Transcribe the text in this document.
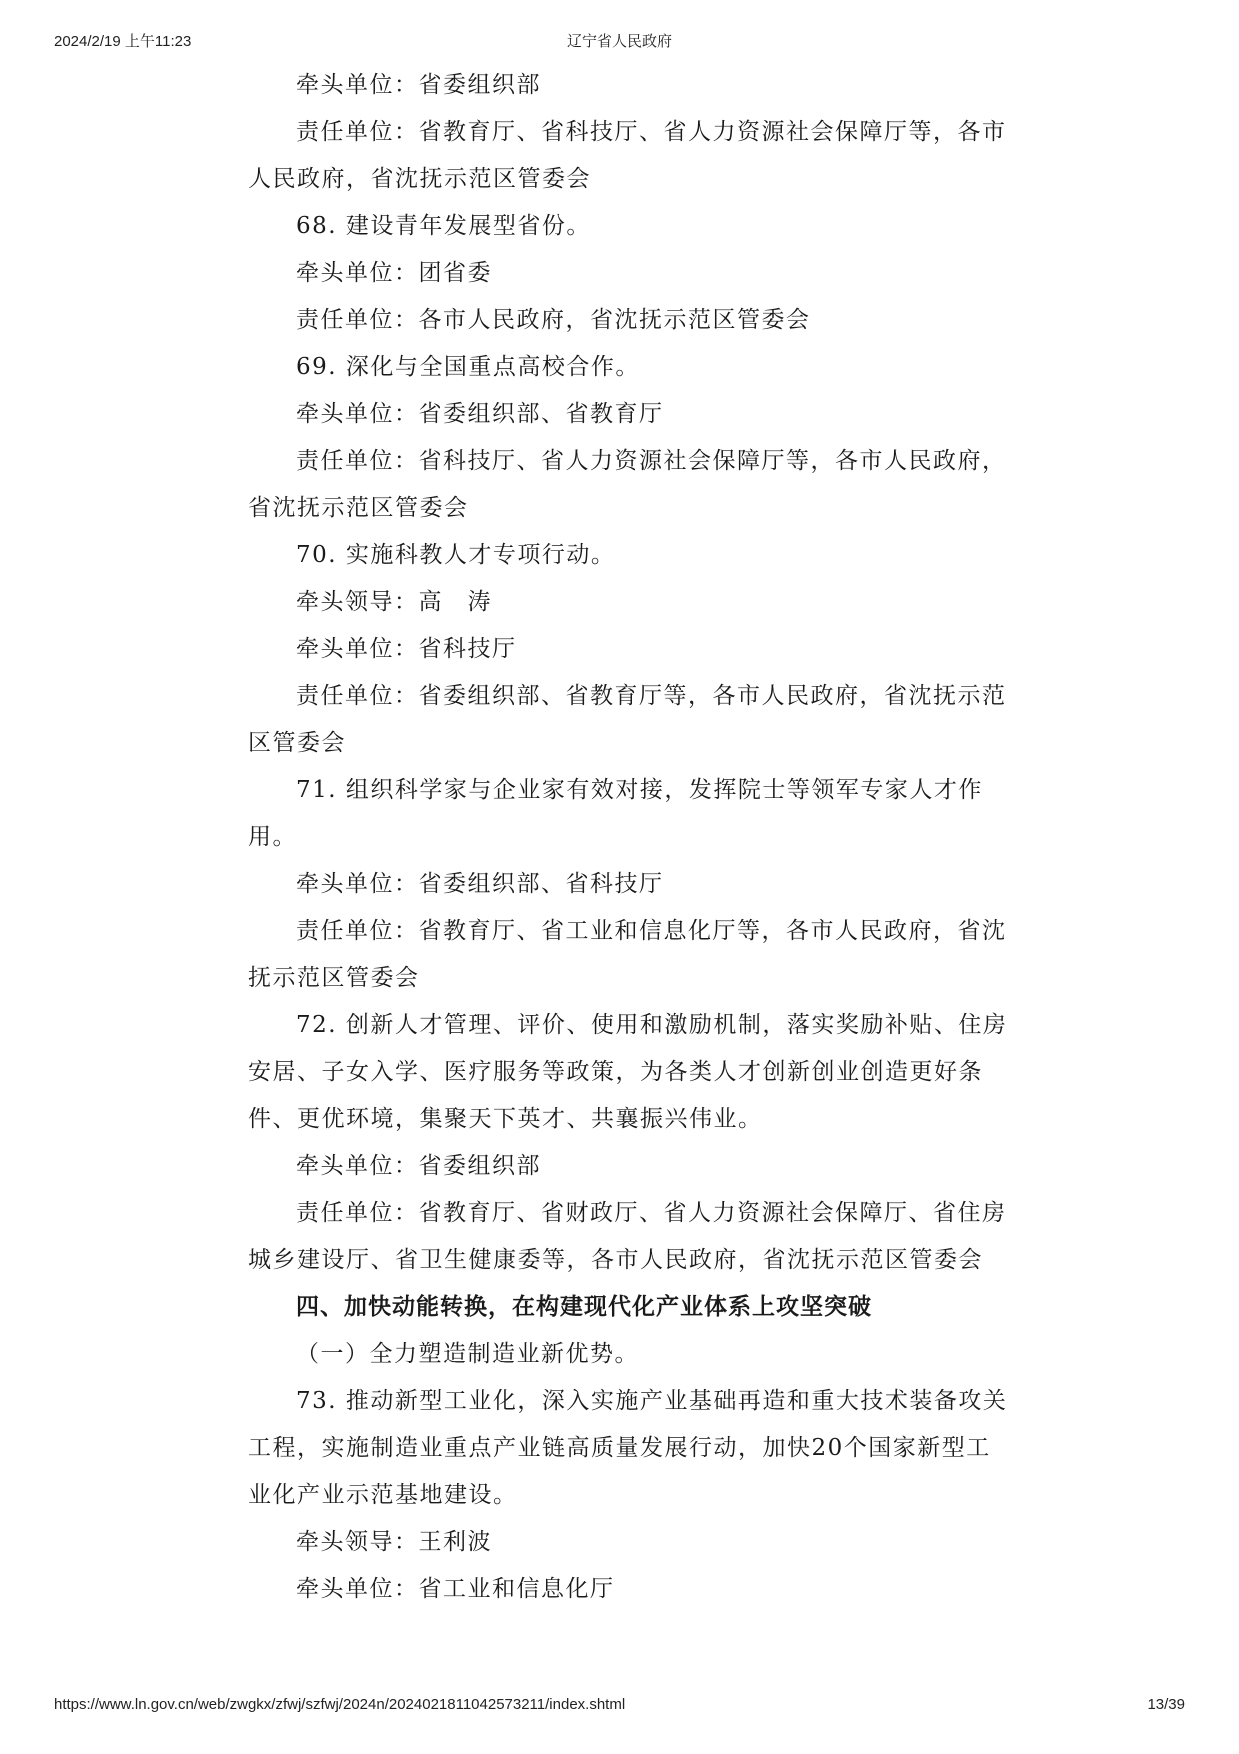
2024/2/19 上午11:23	辽宁省人民政府

牵头单位：省委组织部

责任单位：省教育厅、省科技厅、省人力资源社会保障厅等，各市人民政府，省沈抚示范区管委会

68. 建设青年发展型省份。

牵头单位：团省委

责任单位：各市人民政府，省沈抚示范区管委会

69. 深化与全国重点高校合作。

牵头单位：省委组织部、省教育厅

责任单位：省科技厅、省人力资源社会保障厅等，各市人民政府，省沈抚示范区管委会

70. 实施科教人才专项行动。

牵头领导：高　涛

牵头单位：省科技厅

责任单位：省委组织部、省教育厅等，各市人民政府，省沈抚示范区管委会

71. 组织科学家与企业家有效对接，发挥院士等领军专家人才作用。

牵头单位：省委组织部、省科技厅

责任单位：省教育厅、省工业和信息化厅等，各市人民政府，省沈抚示范区管委会

72. 创新人才管理、评价、使用和激励机制，落实奖励补贴、住房安居、子女入学、医疗服务等政策，为各类人才创新创业创造更好条件、更优环境，集聚天下英才、共襄振兴伟业。

牵头单位：省委组织部

责任单位：省教育厅、省财政厅、省人力资源社会保障厅、省住房城乡建设厅、省卫生健康委等，各市人民政府，省沈抚示范区管委会

四、加快动能转换，在构建现代化产业体系上攻坚突破

（一）全力塑造制造业新优势。

73. 推动新型工业化，深入实施产业基础再造和重大技术装备攻关工程，实施制造业重点产业链高质量发展行动，加快20个国家新型工业化产业示范基地建设。

牵头领导：王利波

牵头单位：省工业和信息化厅

https://www.ln.gov.cn/web/zwgkx/zfwj/szfwj/2024n/2024021811042573211/index.shtml	13/39
